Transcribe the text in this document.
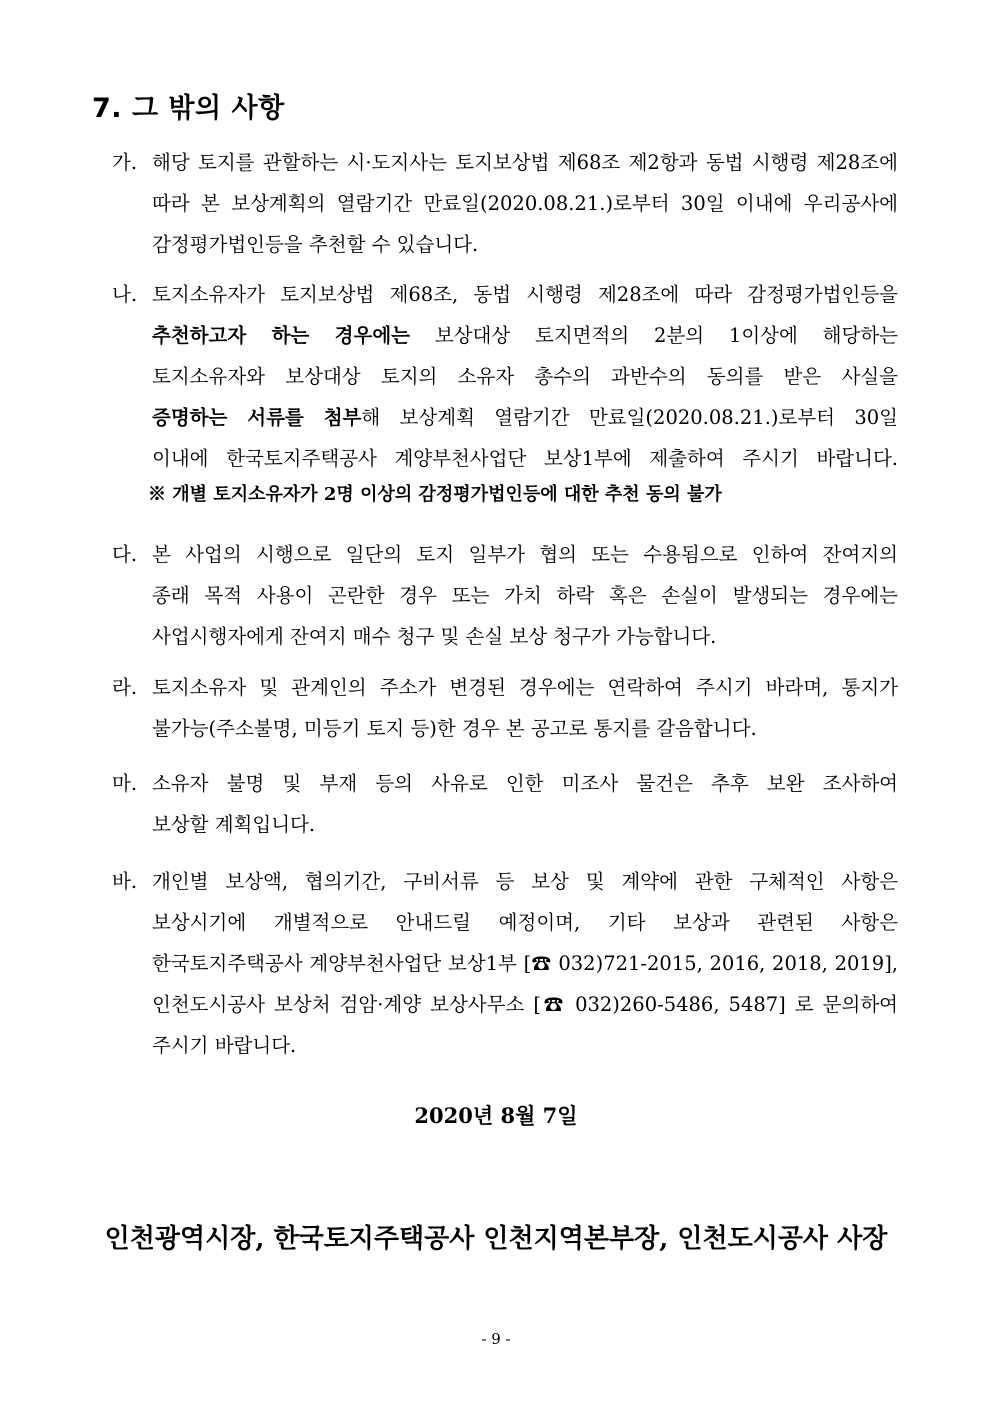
7. 그 밖의 사항
가. 해당 토지를 관할하는 시·도지사는 토지보상법 제68조 제2항과 동법 시행령 제28조에
따라 본 보상계획의 열람기간 만료일(2020.08.21.)로부터 30일 이내에 우리공사에
감정평가법인등을 추천할 수 있습니다.
나. 토지소유자가 토지보상법 제68조, 동법 시행령 제28조에 따라 감정평가법인등을
추천하고자 하는 경우에는 보상대상 토지면적의 2분의 1이상에 해당하는
토지소유자와 보상대상 토지의 소유자 총수의 과반수의 동의를 받은 사실을
증명하는 서류를 첨부해 보상계획 열람기간 만료일(2020.08.21.)로부터 30일
이내에 한국토지주택공사 계양부천사업단 보상1부에 제출하여 주시기 바랍니다.
※ 개별 토지소유자가 2명 이상의 감정평가법인등에 대한 추천 동의 불가
다. 본 사업의 시행으로 일단의 토지 일부가 협의 또는 수용됨으로 인하여 잔여지의
종래 목적 사용이 곤란한 경우 또는 가치 하락 혹은 손실이 발생되는 경우에는
사업시행자에게 잔여지 매수 청구 및 손실 보상 청구가 가능합니다.
라. 토지소유자 및 관계인의 주소가 변경된 경우에는 연락하여 주시기 바라며, 통지가
불가능(주소불명, 미등기 토지 등)한 경우 본 공고로 통지를 갈음합니다.
마. 소유자 불명 및 부재 등의 사유로 인한 미조사 물건은 추후 보완 조사하여
보상할 계획입니다.
바. 개인별 보상액, 협의기간, 구비서류 등 보상 및 계약에 관한 구체적인 사항은
보상시기에 개별적으로 안내드릴 예정이며, 기타 보상과 관련된 사항은
한국토지주택공사 계양부천사업단 보상1부 [☎ 032)721-2015, 2016, 2018, 2019],
인천도시공사 보상처 검암·계양 보상사무소 [☎ 032)260-5486, 5487] 로 문의하여
주시기 바랍니다.
2020년 8월 7일
인천광역시장, 한국토지주택공사 인천지역본부장, 인천도시공사 사장
- 9 -
